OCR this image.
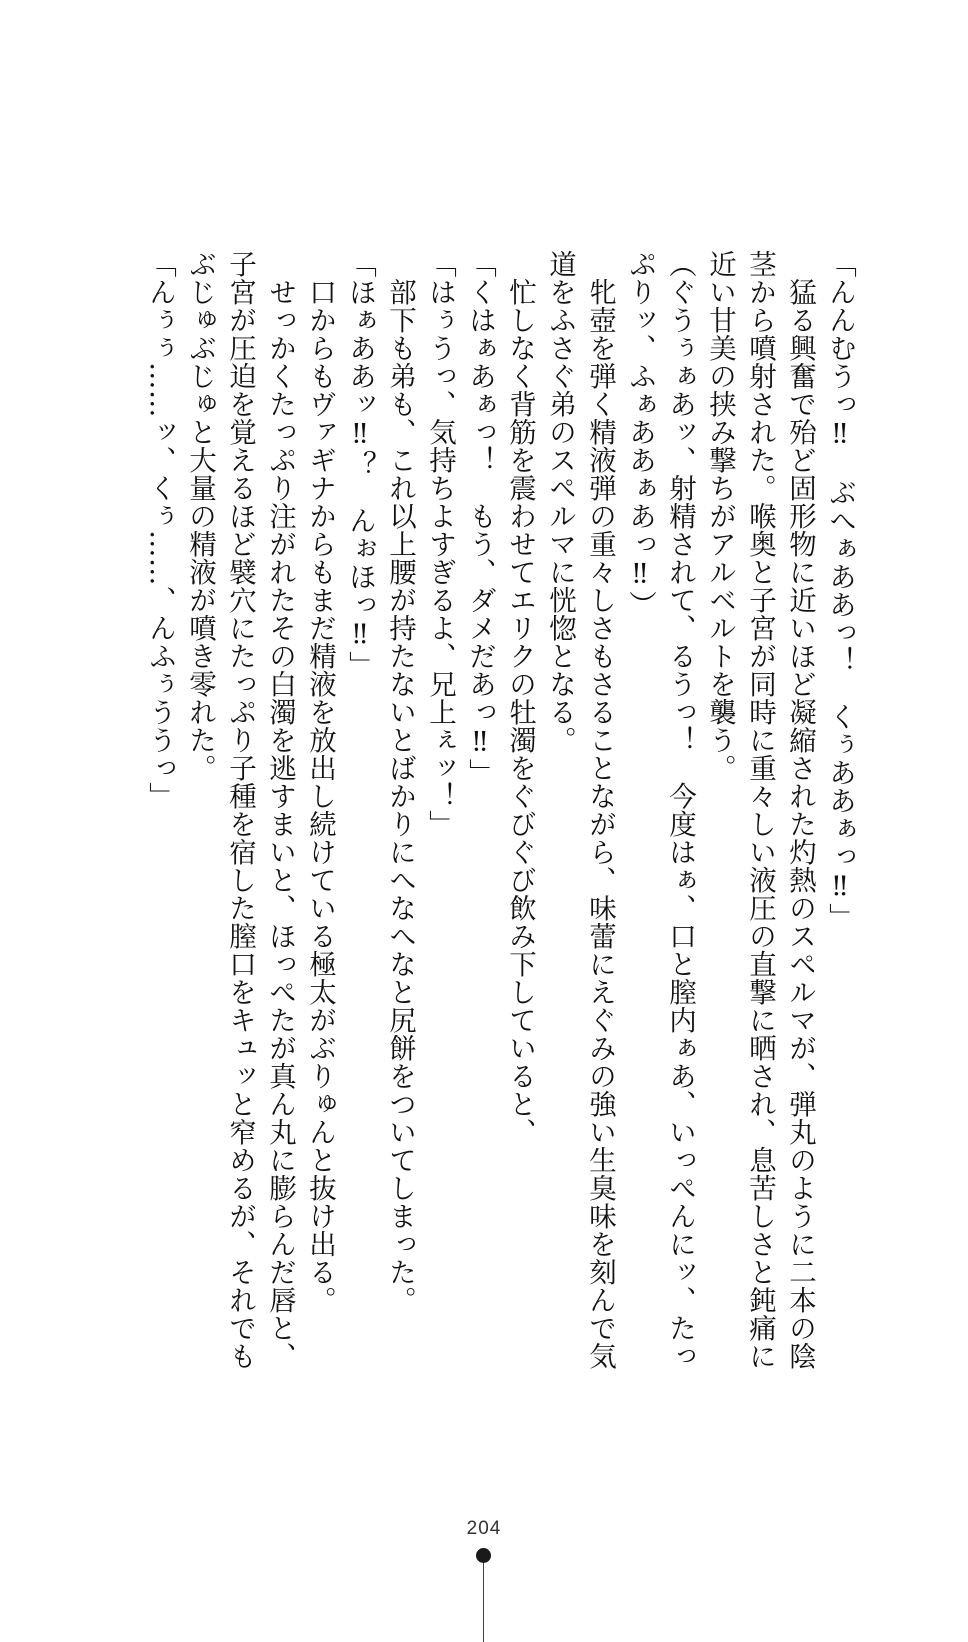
「んんむうっ‼　ぶへぁああっ！　くぅああぁっ‼」
　猛る興奮で殆ど固形物に近いほど凝縮された灼熱のスペルマが、弾丸のように二本の陰
茎から噴射された。喉奥と子宮が同時に重々しい液圧の直撃に晒され、息苦しさと鈍痛に
近い甘美の挟み撃ちがアルベルトを襲う。
（ぐうぅぁあッ、射精されて、るうっ！　今度はぁ、口と膣内ぁあ、いっぺんにッ、たっ
ぷりッ、ふぁああぁあっ‼）
　牝壺を弾く精液弾の重々しさもさることながら、味蕾にえぐみの強い生臭味を刻んで気
道をふさぐ弟のスペルマに恍惚となる。
　忙しなく背筋を震わせてエリクの牡濁をぐびぐび飲み下していると、
「くはぁあぁっ！　もう、ダメだあっ‼」
「はぅうっ、気持ちよすぎるよ、兄上ぇッ！」
　部下も弟も、これ以上腰が持たないとばかりにへなへなと尻餅をついてしまった。
「ほぁああッ‼？　んぉほっ‼」
　口からもヴァギナからもまだ精液を放出し続けている極太がぶりゅんと抜け出る。
　せっかくたっぷり注がれたその白濁を逃すまいと、ほっぺたが真ん丸に膨らんだ唇と、
子宮が圧迫を覚えるほど襞穴にたっぷり子種を宿した膣口をキュッと窄めるが、それでも
ぶじゅぶじゅと大量の精液が噴き零れた。
「んぅぅ……ッ、くぅ……、んふぅううっ」
204
